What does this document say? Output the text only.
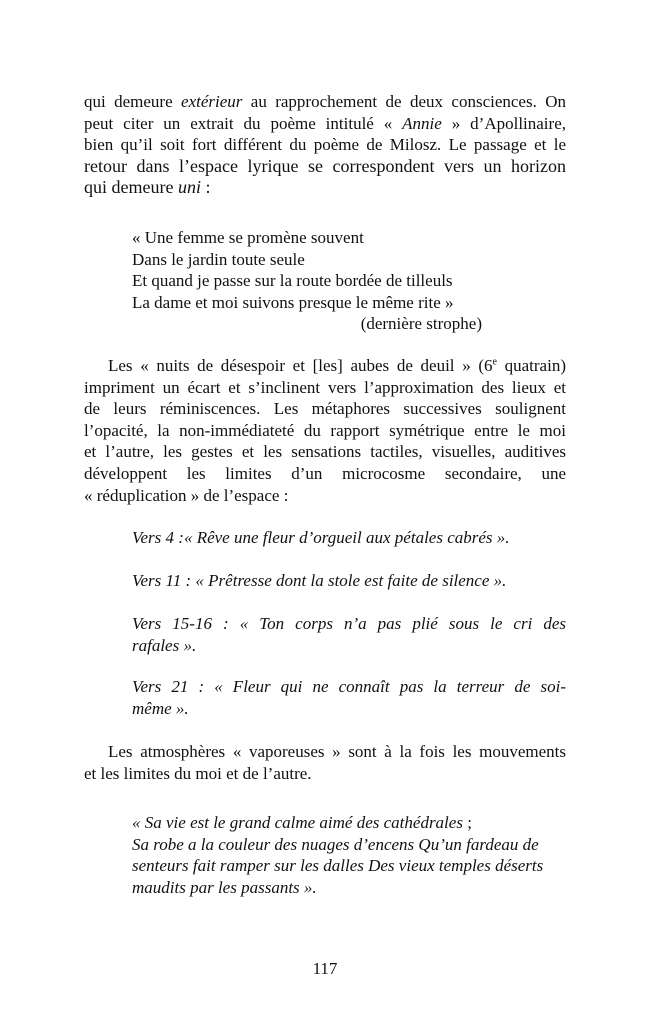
qui demeure extérieur au rapprochement de deux consciences. On
peut citer un extrait du poème intitulé « Annie » d’Apollinaire,
bien qu’il soit fort différent du poème de Milosz. Le passage et le
retour dans l’espace lyrique se correspondent vers un horizon
qui demeure uni :
« Une femme se promène souvent
Dans le jardin toute seule
Et quand je passe sur la route bordée de tilleuls
La dame et moi suivons presque le même rite »
(dernière strophe)
Les « nuits de désespoir et [les] aubes de deuil » (6e quatrain)
impriment un écart et s’inclinent vers l’approximation des lieux et
de leurs réminiscences. Les métaphores successives soulignent
l’opacité, la non-immédiateté du rapport symétrique entre le moi
et l’autre, les gestes et les sensations tactiles, visuelles, auditives
développent les limites d’un microcosme secondaire, une
« réduplication » de l’espace :
Vers 4 :« Rêve une fleur d’orgueil aux pétales cabrés ».
Vers 11 : « Prêtresse dont la stole est faite de silence ».
Vers 15-16 : « Ton corps n’a pas plié sous le cri des
rafales ».
Vers 21 : « Fleur qui ne connaît pas la terreur de soi-
même ».
Les atmosphères « vaporeuses » sont à la fois les mouvements
et les limites du moi et de l’autre.
« Sa vie est le grand calme aimé des cathédrales ;
Sa robe a la couleur des nuages d’encens Qu’un fardeau de senteurs fait ramper sur les dalles Des vieux temples déserts maudits par les passants ».
117
